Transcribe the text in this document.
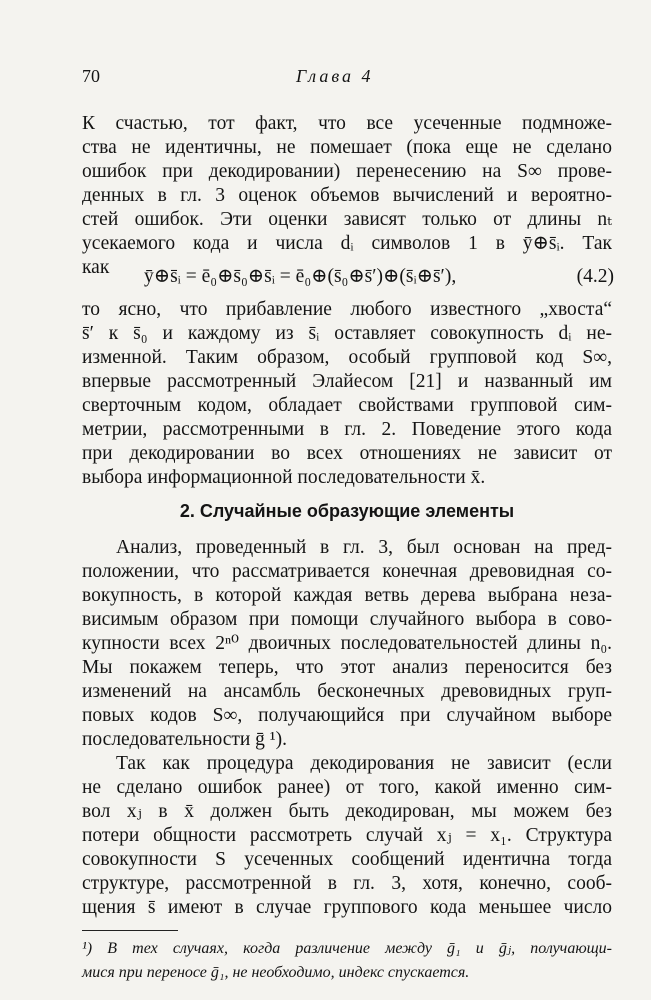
70	Глава 4
К счастью, тот факт, что все усеченные подмноже-
ства не идентичны, не помешает (пока еще не сделано
ошибок при декодировании) перенесению на S∞ прове-
денных в гл. 3 оценок объемов вычислений и вероятно-
стей ошибок. Эти оценки зависят только от длины nₜ
усекаемого кода и числа dᵢ символов 1 в ȳ⊕s̄ᵢ. Так
как	ȳ⊕s̄ᵢ = ē₀⊕s̄₀⊕s̄ᵢ = ē₀⊕(s̄₀⊕s̄′)⊕(s̄ᵢ⊕s̄′),	(4.2)
то ясно, что прибавление любого известного „хвоста“
s̄′ к s̄₀ и каждому из s̄ᵢ оставляет совокупность dᵢ не-
изменной. Таким образом, особый групповой код S∞,
впервые рассмотренный Элайесом [21] и названный им
сверточным кодом, обладает свойствами групповой сим-
метрии, рассмотренными в гл. 2. Поведение этого кода
при декодировании во всех отношениях не зависит от
выбора информационной последовательности x̄.
2. Случайные образующие элементы
Анализ, проведенный в гл. 3, был основан на пред-
положении, что рассматривается конечная древовидная со-
вокупность, в которой каждая ветвь дерева выбрана неза-
висимым образом при помощи случайного выбора в сово-
купности всех 2ⁿ⁰ двоичных последовательностей длины n₀.
Мы покажем теперь, что этот анализ переносится без
изменений на ансамбль бесконечных древовидных груп-
повых кодов S∞, получающийся при случайном выборе
последовательности ḡ ¹).
Так как процедура декодирования не зависит (если
не сделано ошибок ранее) от того, какой именно сим-
вол xⱼ в x̄ должен быть декодирован, мы можем без
потери общности рассмотреть случай xⱼ = x₁. Структура
совокупности S усеченных сообщений идентична тогда
структуре, рассмотренной в гл. 3, хотя, конечно, сооб-
щения s̄ имеют в случае группового кода меньшее число
¹) В тех случаях, когда различение между ḡ₁ и ḡⱼ, получающи-
мися при переносе ḡ₁, не необходимо, индекс спускается.
